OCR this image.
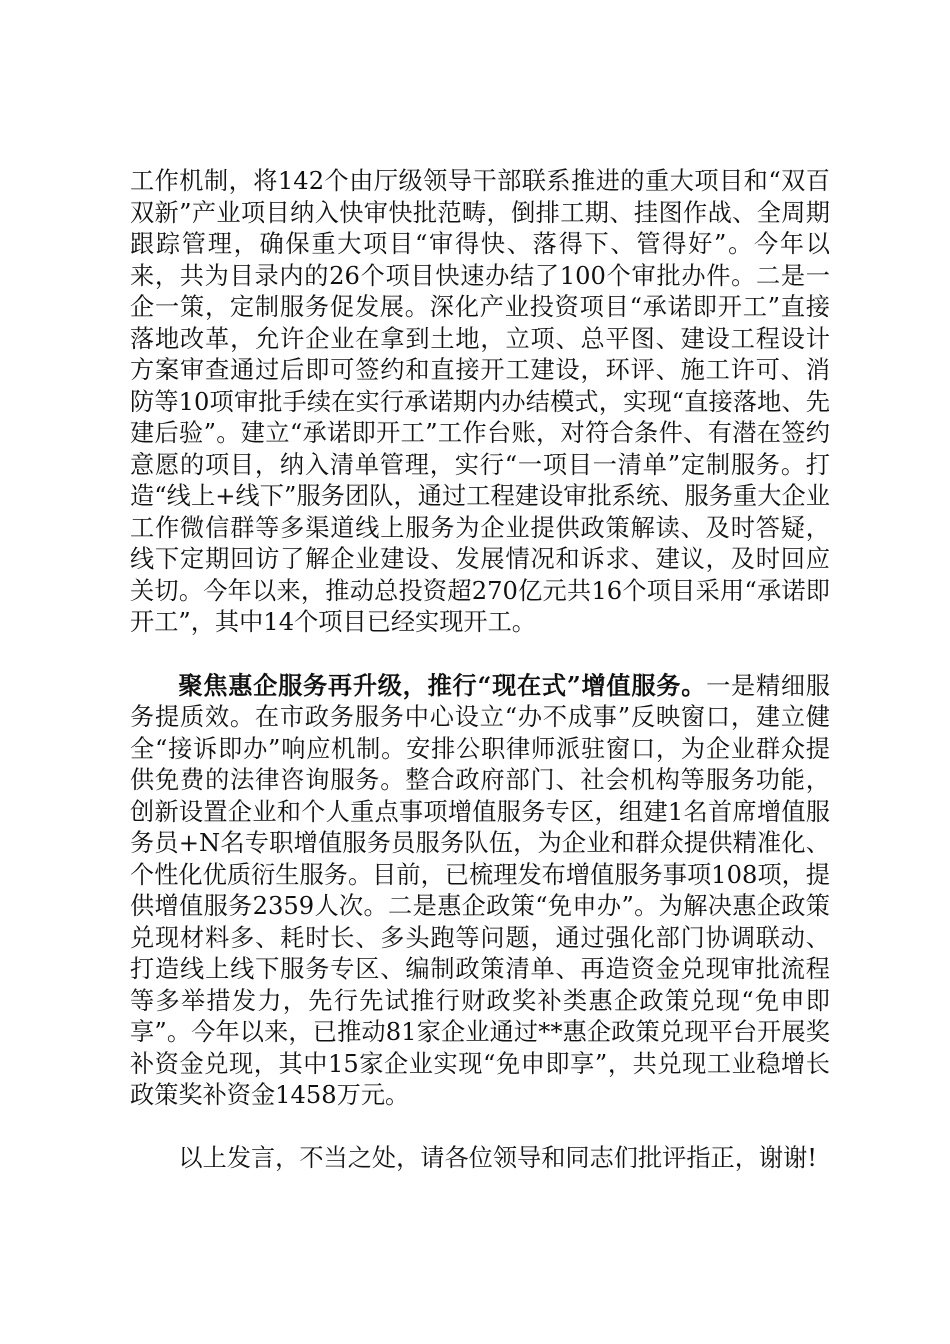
工作机制，将142个由厅级领导干部联系推进的重大项目和“双百双新”产业项目纳入快审快批范畴，倒排工期、挂图作战、全周期跟踪管理，确保重大项目“审得快、落得下、管得好”。今年以来，共为目录内的26个项目快速办结了100个审批办件。二是一企一策，定制服务促发展。深化产业投资项目“承诺即开工”直接落地改革，允许企业在拿到土地，立项、总平图、建设工程设计方案审查通过后即可签约和直接开工建设，环评、施工许可、消防等10项审批手续在实行承诺期内办结模式，实现“直接落地、先建后验”。建立“承诺即开工”工作台账，对符合条件、有潜在签约意愿的项目，纳入清单管理，实行“一项目一清单”定制服务。打造“线上+线下”服务团队，通过工程建设审批系统、服务重大企业工作微信群等多渠道线上服务为企业提供政策解读、及时答疑，线下定期回访了解企业建设、发展情况和诉求、建议，及时回应关切。今年以来，推动总投资超270亿元共16个项目采用“承诺即开工”，其中14个项目已经实现开工。

聚焦惠企服务再升级，推行“现在式”增值服务。一是精细服务提质效。在市政务服务中心设立“办不成事”反映窗口，建立健全“接诉即办”响应机制。安排公职律师派驻窗口，为企业群众提供免费的法律咨询服务。整合政府部门、社会机构等服务功能，创新设置企业和个人重点事项增值服务专区，组建1名首席增值服务员+N名专职增值服务员服务队伍，为企业和群众提供精准化、个性化优质衍生服务。目前，已梳理发布增值服务事项108项，提供增值服务2359人次。二是惠企政策“免申办”。为解决惠企政策兑现材料多、耗时长、多头跑等问题，通过强化部门协调联动、打造线上线下服务专区、编制政策清单、再造资金兑现审批流程等多举措发力，先行先试推行财政奖补类惠企政策兑现“免申即享”。今年以来，已推动81家企业通过**惠企政策兑现平台开展奖补资金兑现，其中15家企业实现“免申即享”，共兑现工业稳增长政策奖补资金1458万元。

以上发言，不当之处，请各位领导和同志们批评指正，谢谢!
